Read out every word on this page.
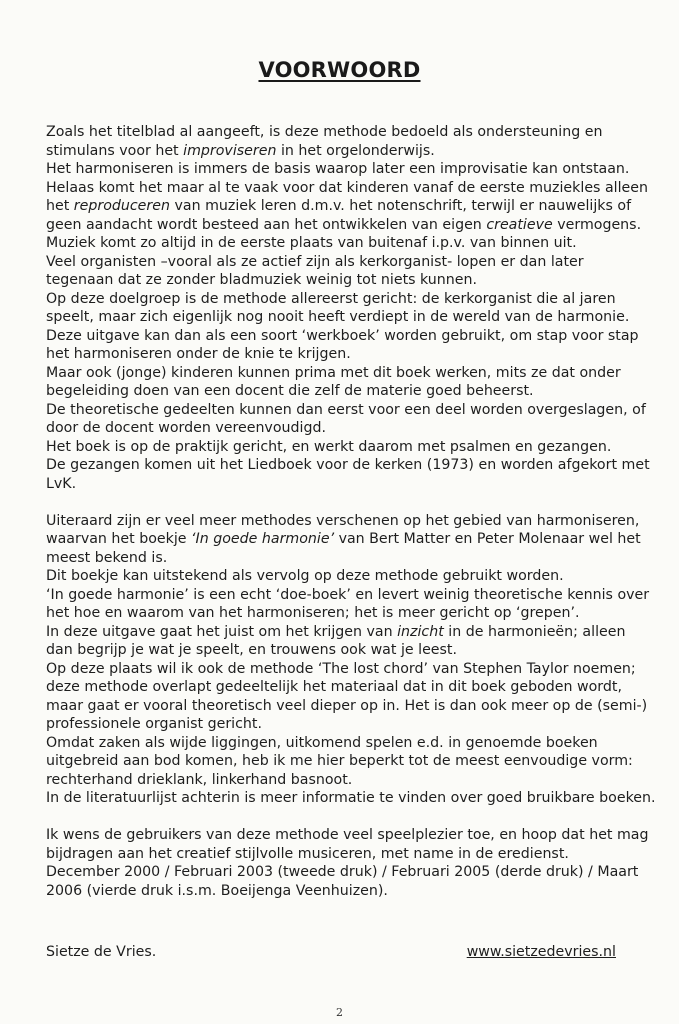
VOORWOORD
Zoals het titelblad al aangeeft, is deze methode bedoeld als ondersteuning en
stimulans voor het improviseren in het orgelonderwijs.
Het harmoniseren is immers de basis waarop later een improvisatie kan ontstaan.
Helaas komt het maar al te vaak voor dat kinderen vanaf de eerste muziekles alleen
het reproduceren van muziek leren d.m.v. het notenschrift, terwijl er nauwelijks of
geen aandacht wordt besteed aan het ontwikkelen van eigen creatieve vermogens.
Muziek komt zo altijd in de eerste plaats van buitenaf i.p.v. van binnen uit.
Veel organisten –vooral als ze actief zijn als kerkorganist- lopen er dan later
tegenaan dat ze zonder bladmuziek weinig tot niets kunnen.
Op deze doelgroep is de methode allereerst gericht: de kerkorganist die al jaren
speelt, maar zich eigenlijk nog nooit heeft verdiept in de wereld van de harmonie.
Deze uitgave kan dan als een soort ‘werkboek’ worden gebruikt, om stap voor stap
het harmoniseren onder de knie te krijgen.
Maar ook (jonge) kinderen kunnen prima met dit boek werken, mits ze dat onder
begeleiding doen van een docent die zelf de materie goed beheerst.
De theoretische gedeelten kunnen dan eerst voor een deel worden overgeslagen, of
door de docent worden vereenvoudigd.
Het boek is op de praktijk gericht, en werkt daarom met psalmen en gezangen.
De gezangen komen uit het Liedboek voor de kerken (1973) en worden afgekort met
LvK.
Uiteraard zijn er veel meer methodes verschenen op het gebied van harmoniseren,
waarvan het boekje ‘In goede harmonie’ van Bert Matter en Peter Molenaar wel het
meest bekend is.
Dit boekje kan uitstekend als vervolg op deze methode gebruikt worden.
‘In goede harmonie’ is een echt ‘doe-boek’ en levert weinig theoretische kennis over
het hoe en waarom van het harmoniseren; het is meer gericht op ‘grepen’.
In deze uitgave gaat het juist om het krijgen van inzicht in de harmonieën; alleen
dan begrijp je wat je speelt, en trouwens ook wat je leest.
Op deze plaats wil ik ook de methode ‘The lost chord’ van Stephen Taylor noemen;
deze methode overlapt gedeeltelijk het materiaal dat in dit boek geboden wordt,
maar gaat er vooral theoretisch veel dieper op in. Het is dan ook meer op de (semi-)
professionele organist gericht.
Omdat zaken als wijde liggingen, uitkomend spelen e.d. in genoemde boeken
uitgebreid aan bod komen, heb ik me hier beperkt tot de meest eenvoudige vorm:
rechterhand drieklank, linkerhand basnoot.
In de literatuurlijst achterin is meer informatie te vinden over goed bruikbare boeken.
Ik wens de gebruikers van deze methode veel speelplezier toe, en hoop dat het mag
bijdragen aan het creatief stijlvolle musiceren, met name in de eredienst.
December 2000 / Februari 2003 (tweede druk) / Februari 2005 (derde druk) / Maart
2006 (vierde druk i.s.m. Boeijenga Veenhuizen).
Sietze de Vries.	www.sietzedevries.nl
2
